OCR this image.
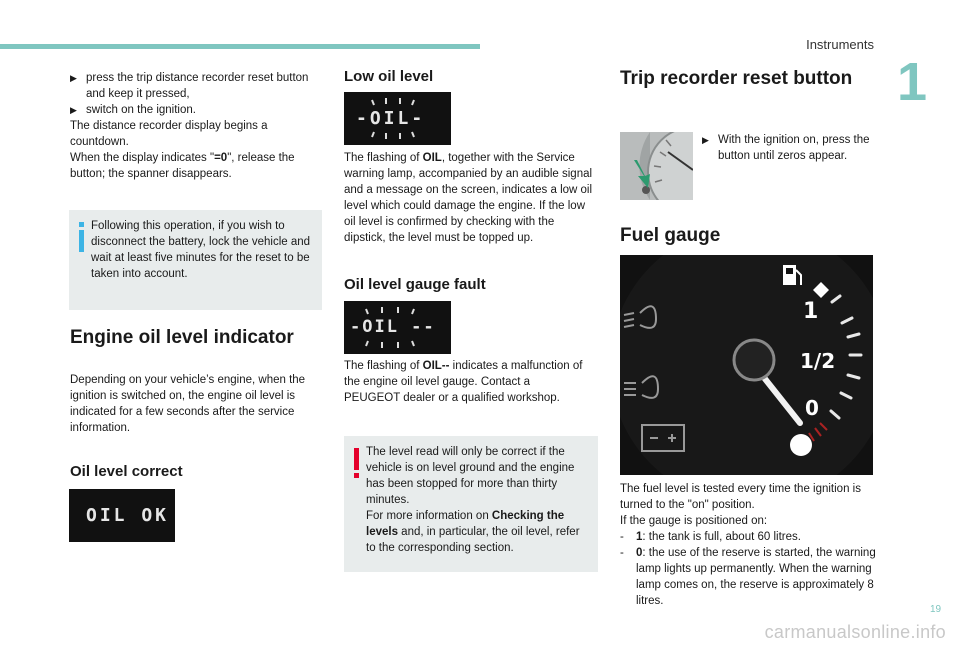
Instruments
1
▶ press the trip distance recorder reset button and keep it pressed,
▶ switch on the ignition.

The distance recorder display begins a countdown.

When the display indicates "=0", release the button; the spanner disappears.

Following this operation, if you wish to disconnect the battery, lock the vehicle and wait at least five minutes for the reset to be taken into account.
Engine oil level indicator
Depending on your vehicle’s engine, when the ignition is switched on, the engine oil level is indicated for a few seconds after the service information.
Oil level correct
OIL OK
Low oil level
-OIL-
The flashing of OIL, together with the Service warning lamp, accompanied by an audible signal and a message on the screen, indicates a low oil level which could damage the engine. If the low oil level is confirmed by checking with the dipstick, the level must be topped up.
Oil level gauge fault
-OIL --
The flashing of OIL-- indicates a malfunction of the engine oil level gauge. Contact a PEUGEOT dealer or a qualified workshop.
The level read will only be correct if the vehicle is on level ground and the engine has been stopped for more than thirty minutes.
For more information on Checking the levels and, in particular, the oil level, refer to the corresponding section.
Trip recorder reset button
▶ With the ignition on, press the button until zeros appear.
Fuel gauge
1
1/2
0

The fuel level is tested every time the ignition is turned to the "on" position.

If the gauge is positioned on:

-	1: the tank is full, about 60 litres.
-	0: the use of the reserve is started, the warning lamp lights up permanently. When the warning lamp comes on, the reserve is approximately 8 litres.
19
carmanualsonline.info
